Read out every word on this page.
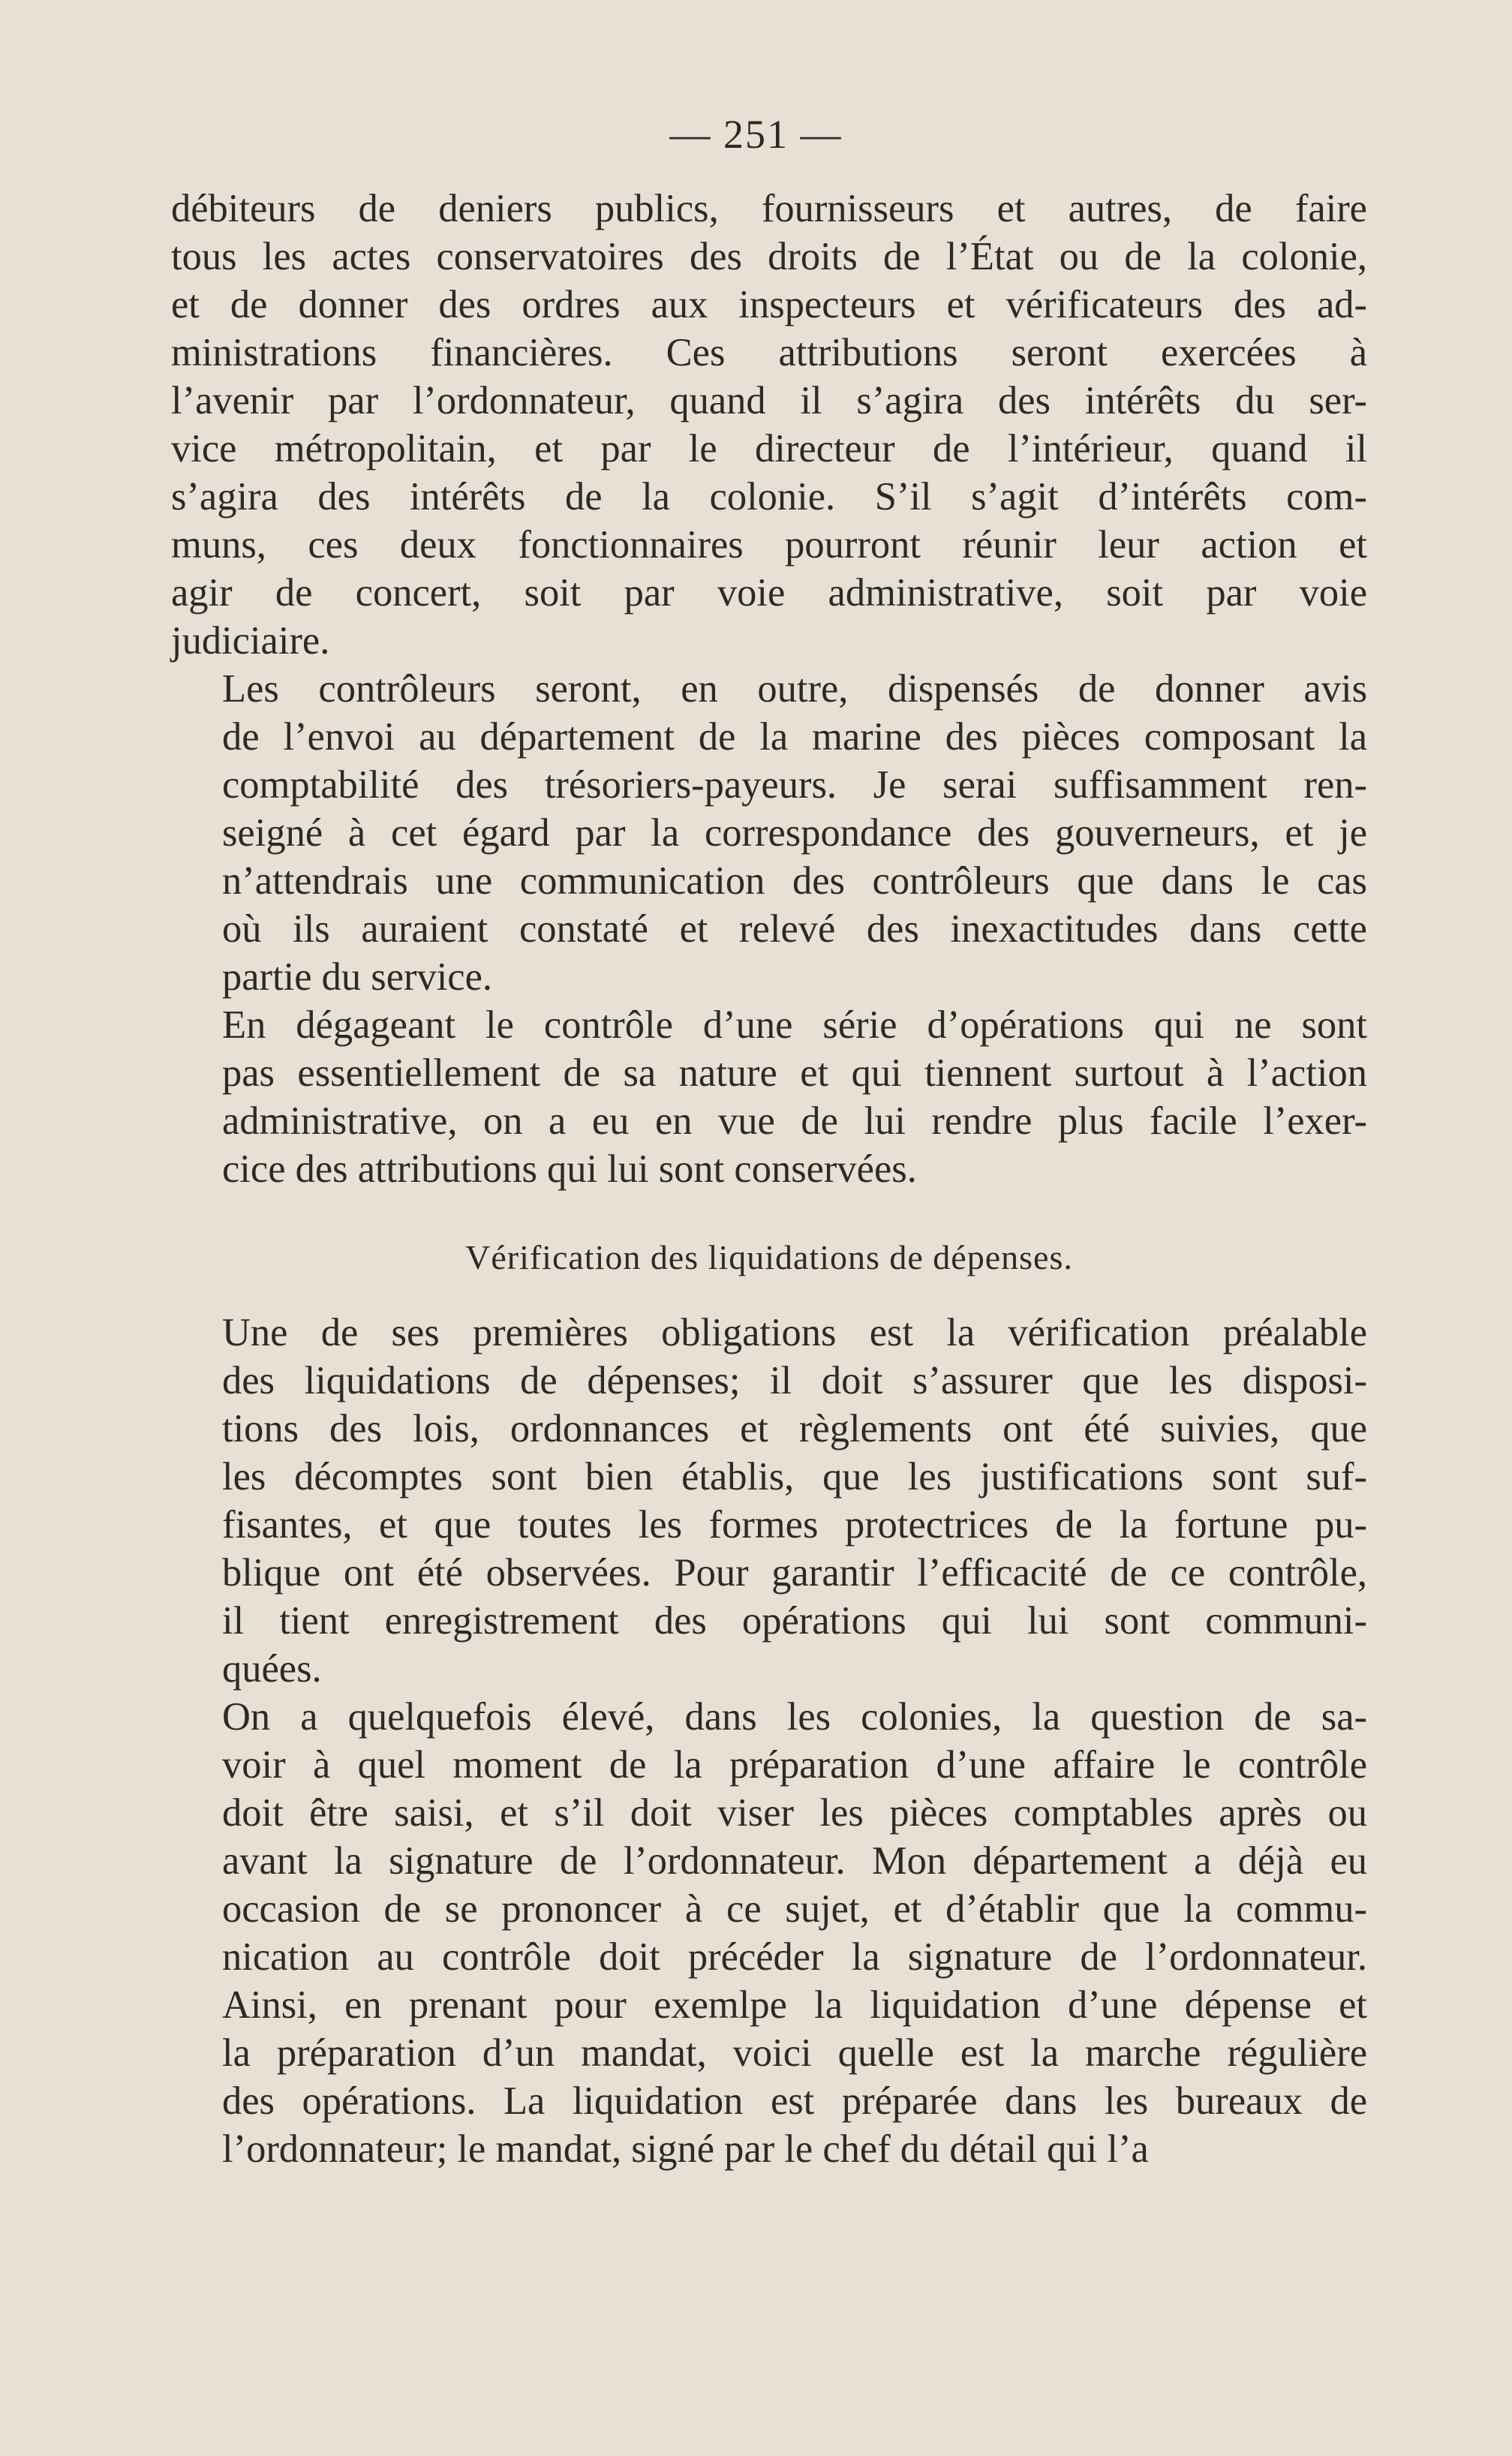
— 251 —

débiteurs de deniers publics, fournisseurs et autres, de faire
tous les actes conservatoires des droits de l’État ou de la colonie,
et de donner des ordres aux inspecteurs et vérificateurs des ad-
ministrations financières. Ces attributions seront exercées à
l’avenir par l’ordonnateur, quand il s’agira des intérêts du ser-
vice métropolitain, et par le directeur de l’intérieur, quand il
s’agira des intérêts de la colonie. S’il s’agit d’intérêts com-
muns, ces deux fonctionnaires pourront réunir leur action et
agir de concert, soit par voie administrative, soit par voie
judiciaire.

Les contrôleurs seront, en outre, dispensés de donner avis
de l’envoi au département de la marine des pièces composant la
comptabilité des trésoriers-payeurs. Je serai suffisamment ren-
seigné à cet égard par la correspondance des gouverneurs, et je
n’attendrais une communication des contrôleurs que dans le cas
où ils auraient constaté et relevé des inexactitudes dans cette
partie du service.

En dégageant le contrôle d’une série d’opérations qui ne sont
pas essentiellement de sa nature et qui tiennent surtout à l’action
administrative, on a eu en vue de lui rendre plus facile l’exer-
cice des attributions qui lui sont conservées.

Vérification des liquidations de dépenses.

Une de ses premières obligations est la vérification préalable
des liquidations de dépenses; il doit s’assurer que les disposi-
tions des lois, ordonnances et règlements ont été suivies, que
les décomptes sont bien établis, que les justifications sont suf-
fisantes, et que toutes les formes protectrices de la fortune pu-
blique ont été observées. Pour garantir l’efficacité de ce contrôle,
il tient enregistrement des opérations qui lui sont communi-
quées.

On a quelquefois élevé, dans les colonies, la question de sa-
voir à quel moment de la préparation d’une affaire le contrôle
doit être saisi, et s’il doit viser les pièces comptables après ou
avant la signature de l’ordonnateur. Mon département a déjà eu
occasion de se prononcer à ce sujet, et d’établir que la commu-
nication au contrôle doit précéder la signature de l’ordonnateur.
Ainsi, en prenant pour exemlpe la liquidation d’une dépense et
la préparation d’un mandat, voici quelle est la marche régulière
des opérations. La liquidation est préparée dans les bureaux de
l’ordonnateur; le mandat, signé par le chef du détail qui l’a
